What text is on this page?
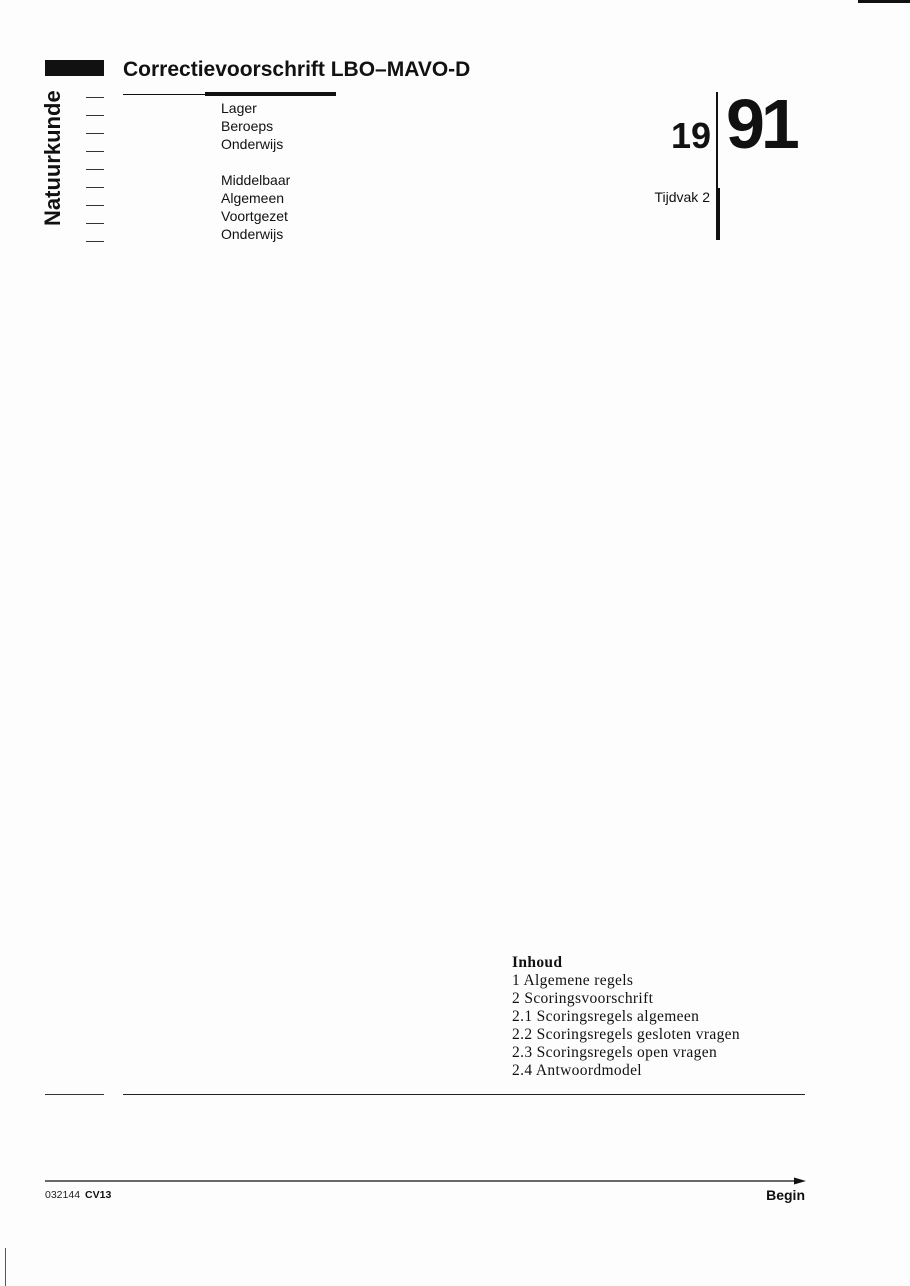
Correctievoorschrift LBO–MAVO-D
Natuurkunde	Lager
Beroeps
Onderwijs
Middelbaar
Algemeen
Voortgezet
Onderwijs
19 91
Tijdvak 2
Inhoud
1 Algemene regels
2 Scoringsvoorschrift
2.1 Scoringsregels algemeen
2.2 Scoringsregels gesloten vragen
2.3 Scoringsregels open vragen
2.4 Antwoordmodel
032144 CV13	Begin
